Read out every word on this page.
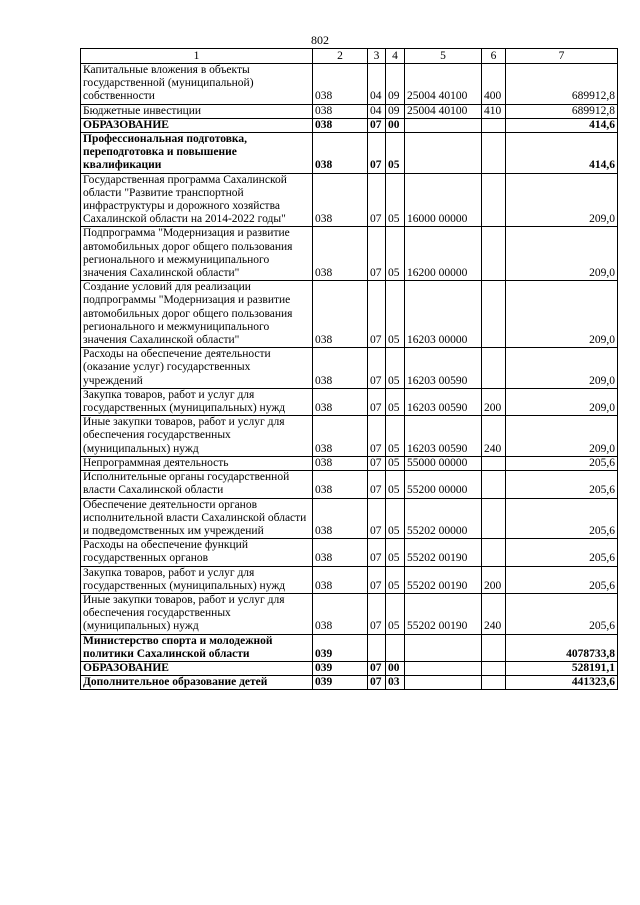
802
1	2	3	4	5	6	7
Капитальные вложения в объекты государственной (муниципальной) собственности	038	04	09	25004 40100	400	689912,8
Бюджетные инвестиции	038	04	09	25004 40100	410	689912,8
ОБРАЗОВАНИЕ	038	07	00			414,6
Профессиональная подготовка, переподготовка и повышение квалификации	038	07	05			414,6
Государственная программа Сахалинской области "Развитие транспортной инфраструктуры и дорожного хозяйства Сахалинской области на 2014-2022 годы"	038	07	05	16000 00000		209,0
Подпрограмма "Модернизация и развитие автомобильных дорог общего пользования регионального и межмуниципального значения Сахалинской области"	038	07	05	16200 00000		209,0
Создание условий для реализации подпрограммы "Модернизация и развитие автомобильных дорог общего пользования регионального и межмуниципального значения Сахалинской области"	038	07	05	16203 00000		209,0
Расходы на обеспечение деятельности (оказание услуг) государственных учреждений	038	07	05	16203 00590		209,0
Закупка товаров, работ и услуг для государственных (муниципальных) нужд	038	07	05	16203 00590	200	209,0
Иные закупки товаров, работ и услуг для обеспечения государственных (муниципальных) нужд	038	07	05	16203 00590	240	209,0
Непрограммная деятельность	038	07	05	55000 00000		205,6
Исполнительные органы государственной власти Сахалинской области	038	07	05	55200 00000		205,6
Обеспечение деятельности органов исполнительной власти Сахалинской области и подведомственных им учреждений	038	07	05	55202 00000		205,6
Расходы на обеспечение функций государственных органов	038	07	05	55202 00190		205,6
Закупка товаров, работ и услуг для государственных (муниципальных) нужд	038	07	05	55202 00190	200	205,6
Иные закупки товаров, работ и услуг для обеспечения государственных (муниципальных) нужд	038	07	05	55202 00190	240	205,6
Министерство спорта и молодежной политики Сахалинской области	039					4078733,8
ОБРАЗОВАНИЕ	039	07	00			528191,1
Дополнительное образование детей	039	07	03			441323,6
